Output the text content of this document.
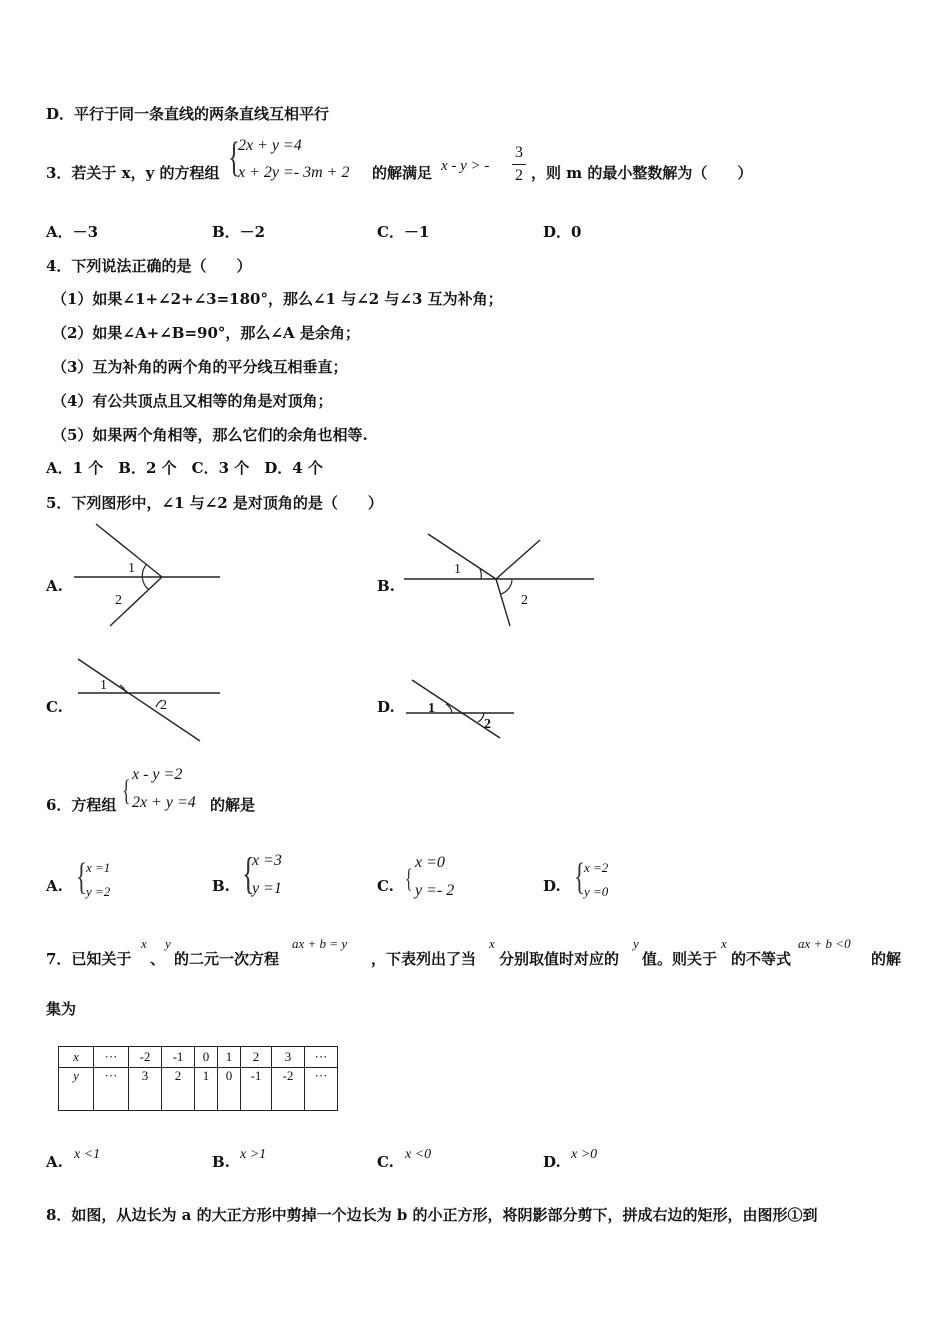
D．平行于同一条直线的两条直线互相平行
3．若关于 x，y 的方程组 {
2x + y =4
x + 2y =- 3m + 2 的解满足 x - y > -
3
2 ，则 m 的最小整数解为（　　）
A．－3	B．－2	C．－1	D．0
4．下列说法正确的是（　　）
（1）如果∠1+∠2+∠3=180°，那么∠1 与∠2 与∠3 互为补角；
（2）如果∠A+∠B=90°，那么∠A 是余角；
（3）互为补角的两个角的平分线互相垂直；
（4）有公共顶点且又相等的角是对顶角；
（5）如果两个角相等，那么它们的余角也相等.
A．1 个　B．2 个　C．3 个　D．4 个
5．下列图形中，∠1 与∠2 是对顶角的是（　　）
A.
1
2
B.
1
2
C.
1
2	D. 1
2
6．方程组 { x - y =2
2x + y =4 的解是
A. { x =1
y =2	B. {
x =3
y =1	C. {
x =0
y =- 2	D. { x =2
y =0
7．已知关于
x
、
y
的二元一次方程
ax + b = y
，下表列出了当
x
分别取值时对应的
y
值。则关于
x
的不等式
ax + b <0
的解
集为
x	···	-2	-1	0	1	2	3	···
y	···	3	2	1	0	-1	-2	···
A. x <1	B. x >1	C. x <0	D. x >0
8．如图，从边长为 a 的大正方形中剪掉一个边长为 b 的小正方形，将阴影部分剪下，拼成右边的矩形，由图形①到
